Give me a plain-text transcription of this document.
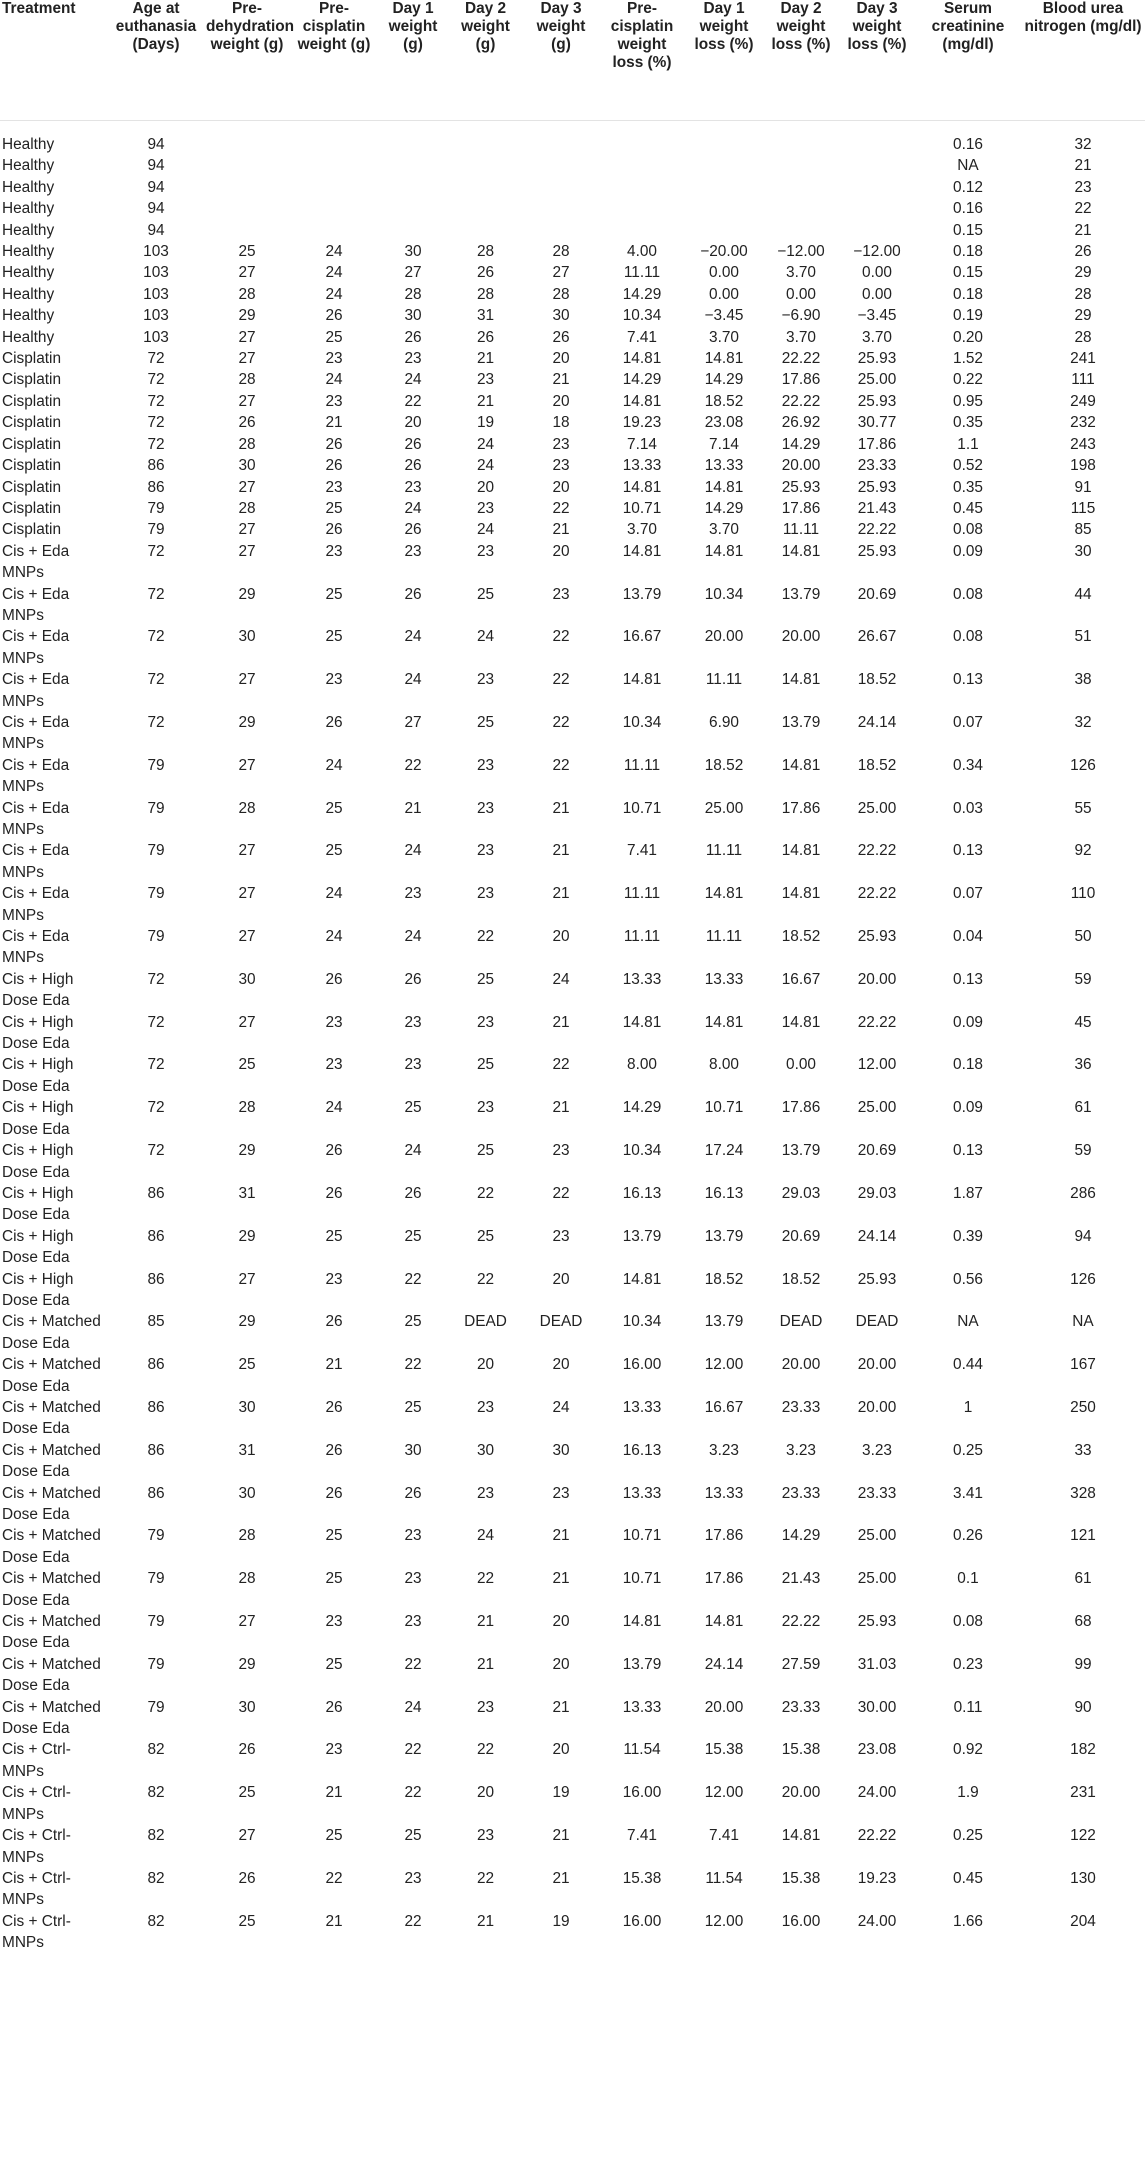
Treatment	Age at euthanasia (Days)	Pre-dehydration weight (g)	Pre-cisplatin weight (g)	Day 1 weight (g)	Day 2 weight (g)	Day 3 weight (g)	Pre-cisplatin weight loss (%)	Day 1 weight loss (%)	Day 2 weight loss (%)	Day 3 weight loss (%)	Serum creatinine (mg/dl)	Blood urea nitrogen (mg/dl)

Healthy	94										0.16	32
Healthy	94										NA	21
Healthy	94										0.12	23
Healthy	94										0.16	22
Healthy	94										0.15	21
Healthy	103	25	24	30	28	28	4.00	−20.00	−12.00	−12.00	0.18	26
Healthy	103	27	24	27	26	27	11.11	0.00	3.70	0.00	0.15	29
Healthy	103	28	24	28	28	28	14.29	0.00	0.00	0.00	0.18	28
Healthy	103	29	26	30	31	30	10.34	−3.45	−6.90	−3.45	0.19	29
Healthy	103	27	25	26	26	26	7.41	3.70	3.70	3.70	0.20	28
Cisplatin	72	27	23	23	21	20	14.81	14.81	22.22	25.93	1.52	241
Cisplatin	72	28	24	24	23	21	14.29	14.29	17.86	25.00	0.22	111
Cisplatin	72	27	23	22	21	20	14.81	18.52	22.22	25.93	0.95	249
Cisplatin	72	26	21	20	19	18	19.23	23.08	26.92	30.77	0.35	232
Cisplatin	72	28	26	26	24	23	7.14	7.14	14.29	17.86	1.1	243
Cisplatin	86	30	26	26	24	23	13.33	13.33	20.00	23.33	0.52	198
Cisplatin	86	27	23	23	20	20	14.81	14.81	25.93	25.93	0.35	91
Cisplatin	79	28	25	24	23	22	10.71	14.29	17.86	21.43	0.45	115
Cisplatin	79	27	26	26	24	21	3.70	3.70	11.11	22.22	0.08	85
Cis + Eda MNPs	72	27	23	23	23	20	14.81	14.81	14.81	25.93	0.09	30
Cis + Eda MNPs	72	29	25	26	25	23	13.79	10.34	13.79	20.69	0.08	44
Cis + Eda MNPs	72	30	25	24	24	22	16.67	20.00	20.00	26.67	0.08	51
Cis + Eda MNPs	72	27	23	24	23	22	14.81	11.11	14.81	18.52	0.13	38
Cis + Eda MNPs	72	29	26	27	25	22	10.34	6.90	13.79	24.14	0.07	32
Cis + Eda MNPs	79	27	24	22	23	22	11.11	18.52	14.81	18.52	0.34	126
Cis + Eda MNPs	79	28	25	21	23	21	10.71	25.00	17.86	25.00	0.03	55
Cis + Eda MNPs	79	27	25	24	23	21	7.41	11.11	14.81	22.22	0.13	92
Cis + Eda MNPs	79	27	24	23	23	21	11.11	14.81	14.81	22.22	0.07	110
Cis + Eda MNPs	79	27	24	24	22	20	11.11	11.11	18.52	25.93	0.04	50
Cis + High Dose Eda	72	30	26	26	25	24	13.33	13.33	16.67	20.00	0.13	59
Cis + High Dose Eda	72	27	23	23	23	21	14.81	14.81	14.81	22.22	0.09	45
Cis + High Dose Eda	72	25	23	23	25	22	8.00	8.00	0.00	12.00	0.18	36
Cis + High Dose Eda	72	28	24	25	23	21	14.29	10.71	17.86	25.00	0.09	61
Cis + High Dose Eda	72	29	26	24	25	23	10.34	17.24	13.79	20.69	0.13	59
Cis + High Dose Eda	86	31	26	26	22	22	16.13	16.13	29.03	29.03	1.87	286
Cis + High Dose Eda	86	29	25	25	25	23	13.79	13.79	20.69	24.14	0.39	94
Cis + High Dose Eda	86	27	23	22	22	20	14.81	18.52	18.52	25.93	0.56	126
Cis + Matched Dose Eda	85	29	26	25	DEAD	DEAD	10.34	13.79	DEAD	DEAD	NA	NA
Cis + Matched Dose Eda	86	25	21	22	20	20	16.00	12.00	20.00	20.00	0.44	167
Cis + Matched Dose Eda	86	30	26	25	23	24	13.33	16.67	23.33	20.00	1	250
Cis + Matched Dose Eda	86	31	26	30	30	30	16.13	3.23	3.23	3.23	0.25	33
Cis + Matched Dose Eda	86	30	26	26	23	23	13.33	13.33	23.33	23.33	3.41	328
Cis + Matched Dose Eda	79	28	25	23	24	21	10.71	17.86	14.29	25.00	0.26	121
Cis + Matched Dose Eda	79	28	25	23	22	21	10.71	17.86	21.43	25.00	0.1	61
Cis + Matched Dose Eda	79	27	23	23	21	20	14.81	14.81	22.22	25.93	0.08	68
Cis + Matched Dose Eda	79	29	25	22	21	20	13.79	24.14	27.59	31.03	0.23	99
Cis + Matched Dose Eda	79	30	26	24	23	21	13.33	20.00	23.33	30.00	0.11	90
Cis + Ctrl-MNPs	82	26	23	22	22	20	11.54	15.38	15.38	23.08	0.92	182
Cis + Ctrl-MNPs	82	25	21	22	20	19	16.00	12.00	20.00	24.00	1.9	231
Cis + Ctrl-MNPs	82	27	25	25	23	21	7.41	7.41	14.81	22.22	0.25	122
Cis + Ctrl-MNPs	82	26	22	23	22	21	15.38	11.54	15.38	19.23	0.45	130
Cis + Ctrl-MNPs	82	25	21	22	21	19	16.00	12.00	16.00	24.00	1.66	204
